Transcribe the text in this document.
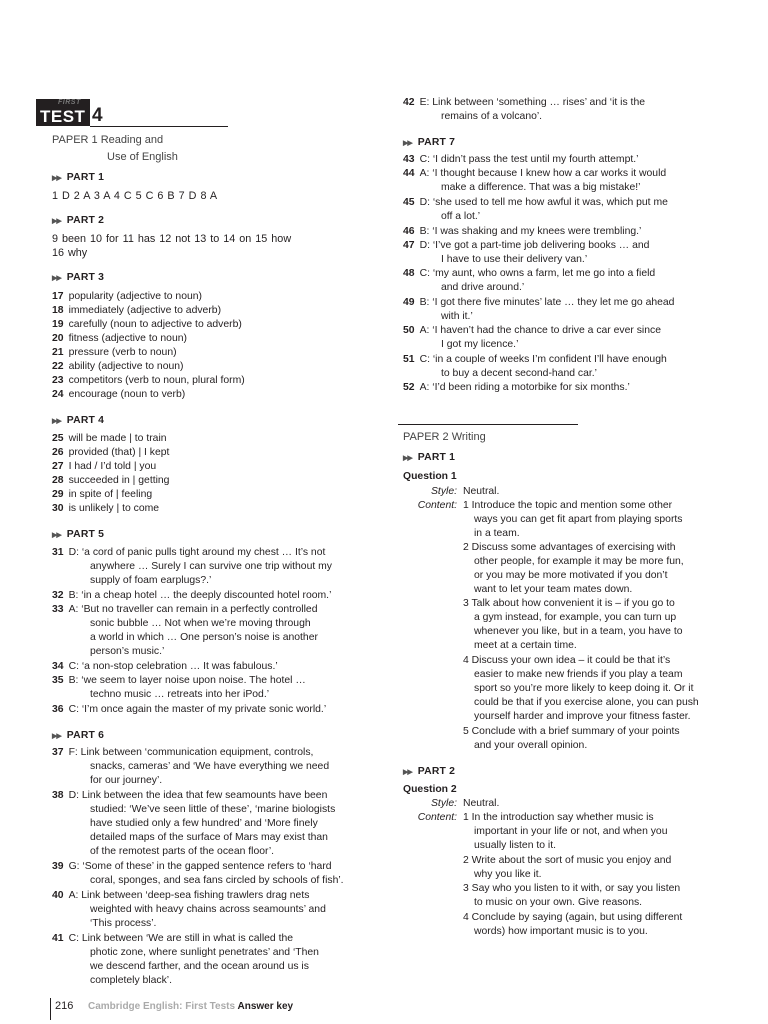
FIRST
TEST 4
PAPER 1 Reading and
Use of English
▶▶ PART 1
1 D 2 A 3 A 4 C 5 C 6 B 7 D 8 A
▶▶ PART 2
9 been 10 for 11 has 12 not 13 to 14 on 15 how
16 why
▶▶ PART 3
17 popularity (adjective to noun)
18 immediately (adjective to adverb)
19 carefully (noun to adjective to adverb)
20 fitness (adjective to noun)
21 pressure (verb to noun)
22 ability (adjective to noun)
23 competitors (verb to noun, plural form)
24 encourage (noun to verb)
▶▶ PART 4
25 will be made | to train
26 provided (that) | I kept
27 I had / I’d told | you
28 succeeded in | getting
29 in spite of | feeling
30 is unlikely | to come
▶▶ PART 5
31 D: ‘a cord of panic pulls tight around my chest … It’s not
anywhere … Surely I can survive one trip without my
supply of foam earplugs?.’
32 B: ‘in a cheap hotel … the deeply discounted hotel room.’
33 A: ‘But no traveller can remain in a perfectly controlled
sonic bubble … Not when we’re moving through
a world in which … One person’s noise is another
person’s music.’
34 C: ‘a non-stop celebration … It was fabulous.’
35 B: ‘we seem to layer noise upon noise. The hotel …
techno music … retreats into her iPod.’
36 C: ‘I’m once again the master of my private sonic world.’
▶▶ PART 6
37 F: Link between ‘communication equipment, controls,
snacks, cameras’ and ‘We have everything we need
for our journey’.
38 D: Link between the idea that few seamounts have been
studied: ‘We’ve seen little of these’, ‘marine biologists
have studied only a few hundred’ and ‘More finely
detailed maps of the surface of Mars may exist than
of the remotest parts of the ocean floor’.
39 G: ‘Some of these’ in the gapped sentence refers to ‘hard
coral, sponges, and sea fans circled by schools of fish’.
40 A: Link between ‘deep-sea fishing trawlers drag nets
weighted with heavy chains across seamounts’ and
‘This process’.
41 C: Link between ‘We are still in what is called the
photic zone, where sunlight penetrates’ and ‘Then
we descend farther, and the ocean around us is
completely black’.
42 E: Link between ‘something … rises’ and ‘it is the
remains of a volcano’.
▶▶ PART 7
43 C: ‘I didn’t pass the test until my fourth attempt.’
44 A: ‘I thought because I knew how a car works it would
make a difference. That was a big mistake!’
45 D: ‘she used to tell me how awful it was, which put me
off a lot.’
46 B: ‘I was shaking and my knees were trembling.’
47 D: ‘I’ve got a part-time job delivering books … and
I have to use their delivery van.’
48 C: ‘my aunt, who owns a farm, let me go into a field
and drive around.’
49 B: ‘I got there five minutes’ late … they let me go ahead
with it.’
50 A: ‘I haven’t had the chance to drive a car ever since
I got my licence.’
51 C: ‘in a couple of weeks I’m confident I’ll have enough
to buy a decent second-hand car.’
52 A: ‘I’d been riding a motorbike for six months.’
PAPER 2 Writing
▶▶ PART 1
Question 1
Style: Neutral.
Content: 1 Introduce the topic and mention some other
ways you can get fit apart from playing sports
in a team.
2 Discuss some advantages of exercising with
other people, for example it may be more fun,
or you may be more motivated if you don’t
want to let your team mates down.
3 Talk about how convenient it is – if you go to
a gym instead, for example, you can turn up
whenever you like, but in a team, you have to
meet at a certain time.
4 Discuss your own idea – it could be that it’s
easier to make new friends if you play a team
sport so you’re more likely to keep doing it. Or it
could be that if you exercise alone, you can push
yourself harder and improve your fitness faster.
5 Conclude with a brief summary of your points
and your overall opinion.
▶▶ PART 2
Question 2
Style: Neutral.
Content: 1 In the introduction say whether music is
important in your life or not, and when you
usually listen to it.
2 Write about the sort of music you enjoy and
why you like it.
3 Say who you listen to it with, or say you listen
to music on your own. Give reasons.
4 Conclude by saying (again, but using different
words) how important music is to you.
216 Cambridge English: First Tests Answer key
